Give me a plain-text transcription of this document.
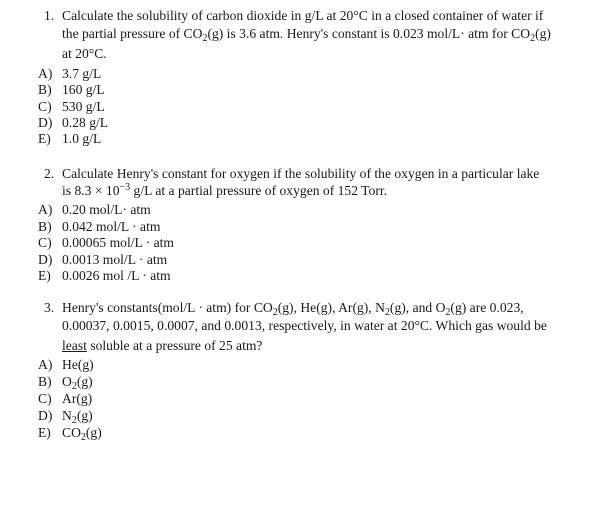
1. Calculate the solubility of carbon dioxide in g/L at 20°C in a closed container of water if
the partial pressure of $CO_2(g)$ is 3.6 atm. Henry's constant is 0.023 mol/L· atm for $CO_2(g)$
at 20°C.
A) 3.7 g/L
B) 160 g/L
C) 530 g/L
D) 0.28 g/L
E) 1.0 g/L
2. Calculate Henry's constant for oxygen if the solubility of the oxygen in a particular lake
is $8.3 \times 10^{-3}$ g/L at a partial pressure of oxygen of 152 Torr.
A) 0.20 mol/L· atm
B) 0.042 mol/L · atm
C) 0.00065 mol/L · atm
D) 0.0013 mol/L · atm
E) 0.0026 mol /L · atm
3. Henry's constants(mol/L · atm) for $CO_2(g)$, He(g), Ar(g), $N_2(g)$, and $O_2(g)$ are 0.023,
0.00037, 0.0015, 0.0007, and 0.0013, respectively, in water at 20°C. Which gas would be
least soluble at a pressure of 25 atm?
A) He(g)
B) $O_2(g)$
C) Ar(g)
D) $N_2(g)$
E) $CO_2(g)$
